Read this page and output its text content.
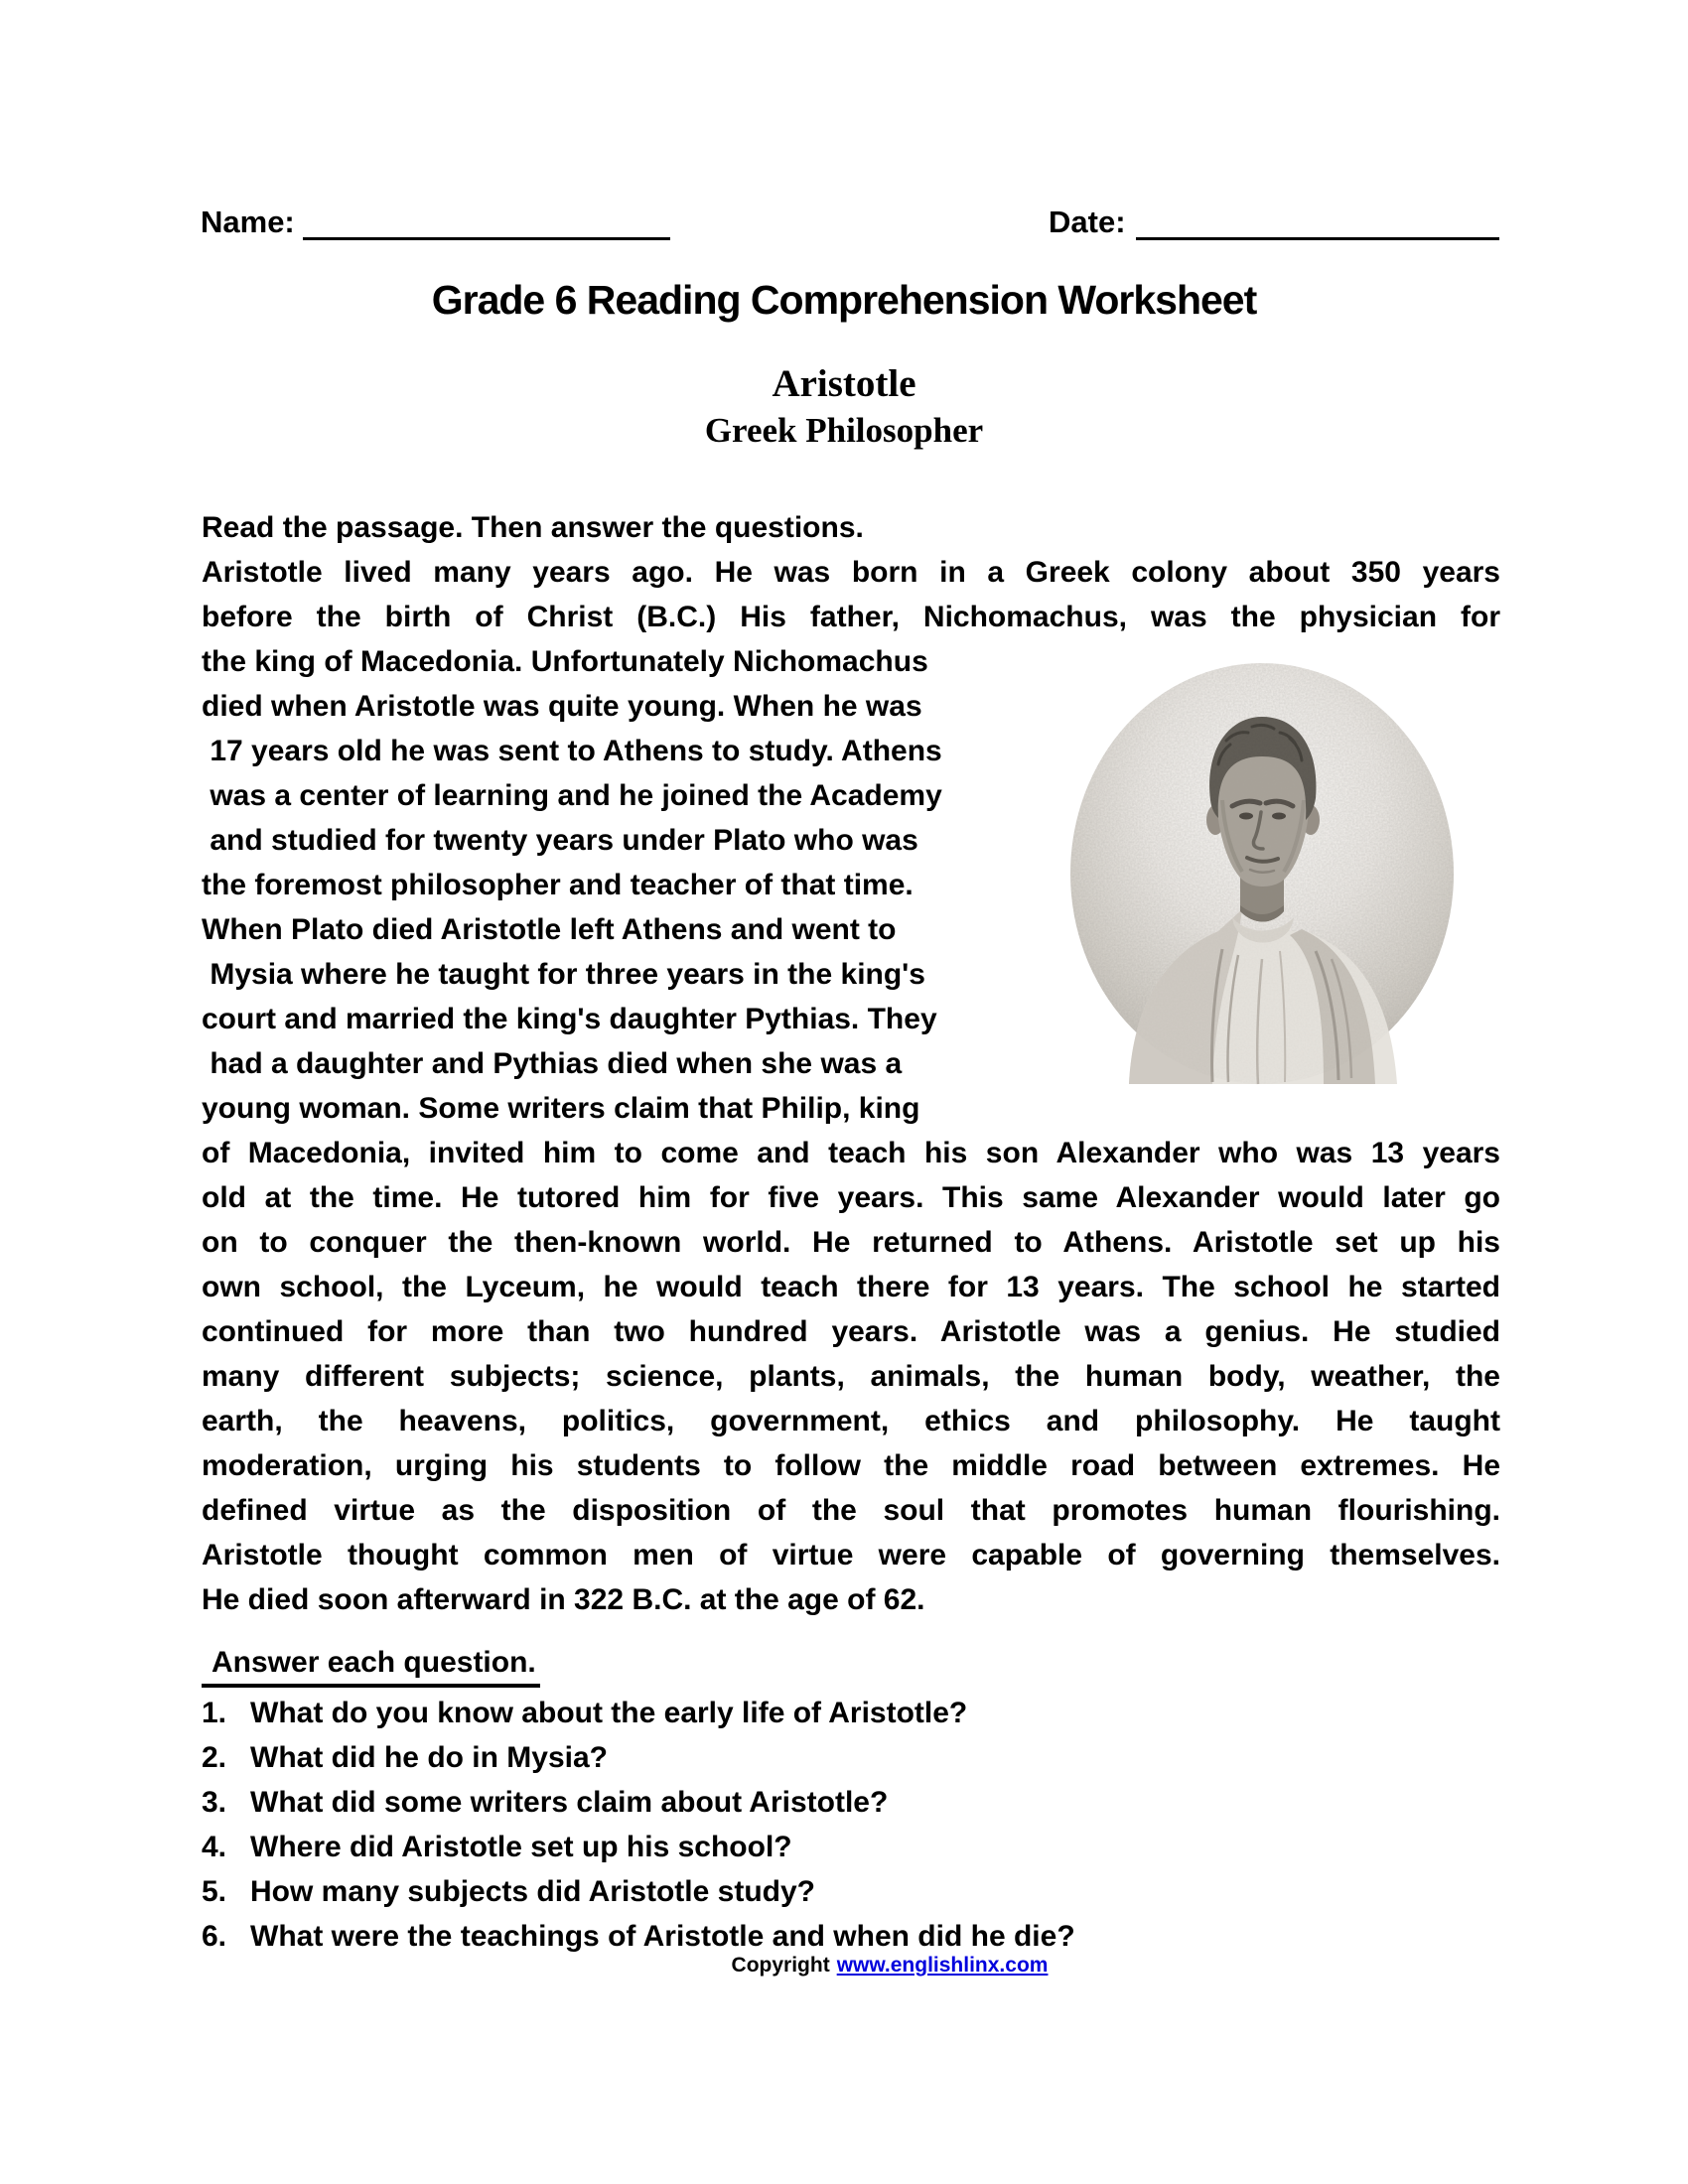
Name:	Date:
Grade 6 Reading Comprehension Worksheet
Aristotle
Greek Philosopher
Read the passage. Then answer the questions.
Aristotle lived many years ago. He was born in a Greek colony about 350 years
before the birth of Christ (B.C.) His father, Nichomachus, was the physician for
the king of Macedonia. Unfortunately Nichomachus
died when Aristotle was quite young. When he was
17 years old he was sent to Athens to study. Athens
was a center of learning and he joined the Academy
and studied for twenty years under Plato who was
the foremost philosopher and teacher of that time.
When Plato died Aristotle left Athens and went to
Mysia where he taught for three years in the king's
court and married the king's daughter Pythias. They
had a daughter and Pythias died when she was a
young woman. Some writers claim that Philip, king
of Macedonia, invited him to come and teach his son Alexander who was 13 years
old at the time. He tutored him for five years. This same Alexander would later go
on to conquer the then-known world. He returned to Athens. Aristotle set up his
own school, the Lyceum, he would teach there for 13 years. The school he started
continued for more than two hundred years. Aristotle was a genius. He studied
many different subjects; science, plants, animals, the human body, weather, the
earth, the heavens, politics, government, ethics and philosophy. He taught
moderation, urging his students to follow the middle road between extremes. He
defined virtue as the disposition of the soul that promotes human flourishing.
Aristotle thought common men of virtue were capable of governing themselves.
He died soon afterward in 322 B.C. at the age of 62.
Answer each question.
1. What do you know about the early life of Aristotle?
2. What did he do in Mysia?
3. What did some writers claim about Aristotle?
4. Where did Aristotle set up his school?
5. How many subjects did Aristotle study?
6. What were the teachings of Aristotle and when did he die?
Copyright www.englishlinx.com
